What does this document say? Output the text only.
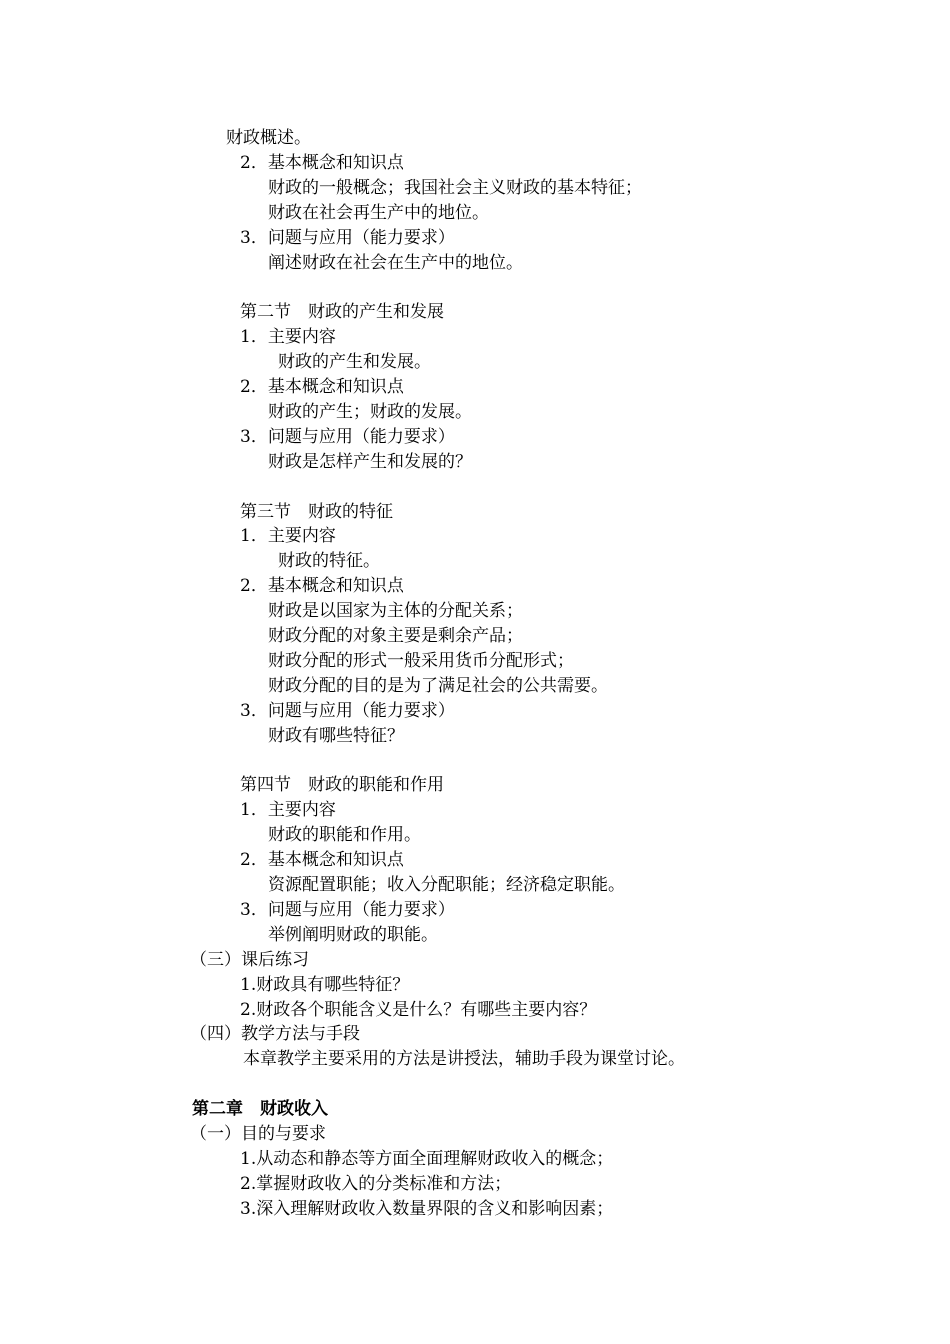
财政概述。
2．基本概念和知识点
财政的一般概念；我国社会主义财政的基本特征；
财政在社会再生产中的地位。
3．问题与应用（能力要求）
阐述财政在社会在生产中的地位。
第二节　财政的产生和发展
1．主要内容
财政的产生和发展。
2．基本概念和知识点
财政的产生；财政的发展。
3．问题与应用（能力要求）
财政是怎样产生和发展的？
第三节　财政的特征
1．主要内容
财政的特征。
2．基本概念和知识点
财政是以国家为主体的分配关系；
财政分配的对象主要是剩余产品；
财政分配的形式一般采用货币分配形式；
财政分配的目的是为了满足社会的公共需要。
3．问题与应用（能力要求）
财政有哪些特征？
第四节　财政的职能和作用
1．主要内容
财政的职能和作用。
2．基本概念和知识点
资源配置职能；收入分配职能；经济稳定职能。
3．问题与应用（能力要求）
举例阐明财政的职能。
（三）课后练习
1.财政具有哪些特征？
2.财政各个职能含义是什么？有哪些主要内容？
（四）教学方法与手段
本章教学主要采用的方法是讲授法，辅助手段为课堂讨论。
第二章　财政收入
（一）目的与要求
1.从动态和静态等方面全面理解财政收入的概念；
2.掌握财政收入的分类标准和方法；
3.深入理解财政收入数量界限的含义和影响因素；
